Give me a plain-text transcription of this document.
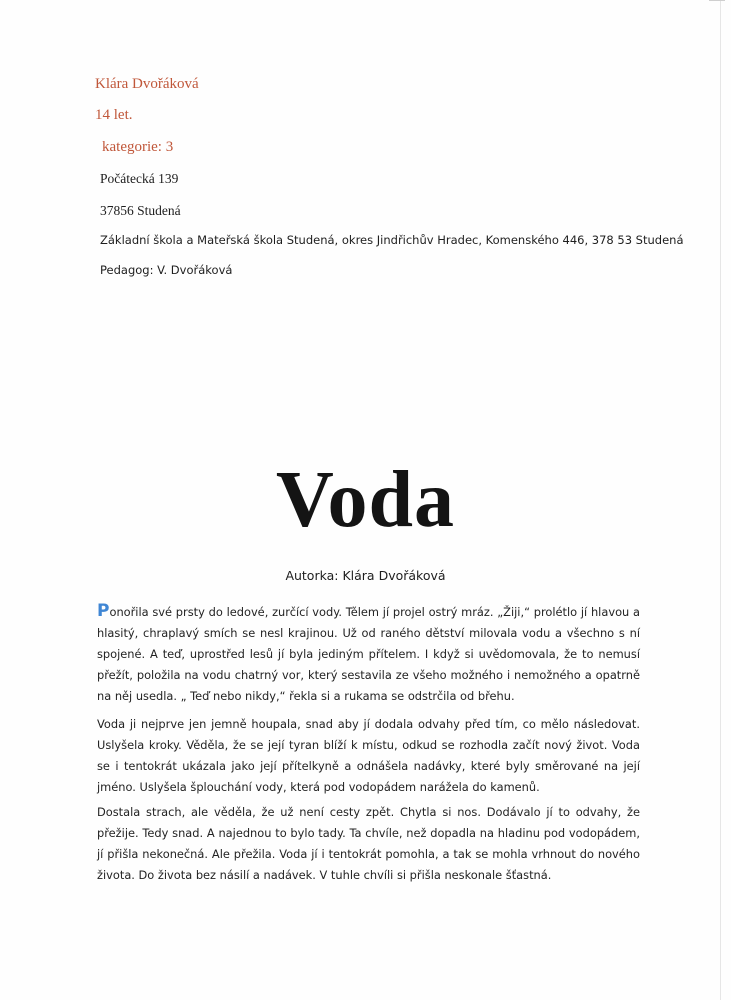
Klára Dvořáková
14 let.
kategorie: 3
Počátecká 139
37856 Studená
Základní škola a Mateřská škola Studená, okres Jindřichův Hradec, Komenského 446, 378 53 Studená
Pedagog: V. Dvořáková
Voda
Autorka: Klára Dvořáková

Ponořila své prsty do ledové, zurčící vody. Tělem jí projel ostrý mráz. „Žiji,“ prolétlo jí hlavou a hlasitý, chraplavý smích se nesl krajinou. Už od raného dětství milovala vodu a všechno s ní spojené. A teď, uprostřed lesů jí byla jediným přítelem. I když si uvědomovala, že to nemusí přežít, položila na vodu chatrný vor, který sestavila ze všeho možného i nemožného a opatrně na něj usedla. „ Teď nebo nikdy,“ řekla si a rukama se odstrčila od břehu.

Voda ji nejprve jen jemně houpala, snad aby jí dodala odvahy před tím, co mělo následovat. Uslyšela kroky. Věděla, že se její tyran blíží k místu, odkud se rozhodla začít nový život. Voda se i tentokrát ukázala jako její přítelkyně a odnášela nadávky, které byly směrované na její jméno. Uslyšela šplouchání vody, která pod vodopádem narážela do kamenů.

Dostala strach, ale věděla, že už není cesty zpět. Chytla si nos. Dodávalo jí to odvahy, že přežije. Tedy snad. A najednou to bylo tady. Ta chvíle, než dopadla na hladinu pod vodopádem, jí přišla nekonečná. Ale přežila. Voda jí i tentokrát pomohla, a tak se mohla vrhnout do nového života. Do života bez násilí a nadávek. V tuhle chvíli si přišla neskonale šťastná.
